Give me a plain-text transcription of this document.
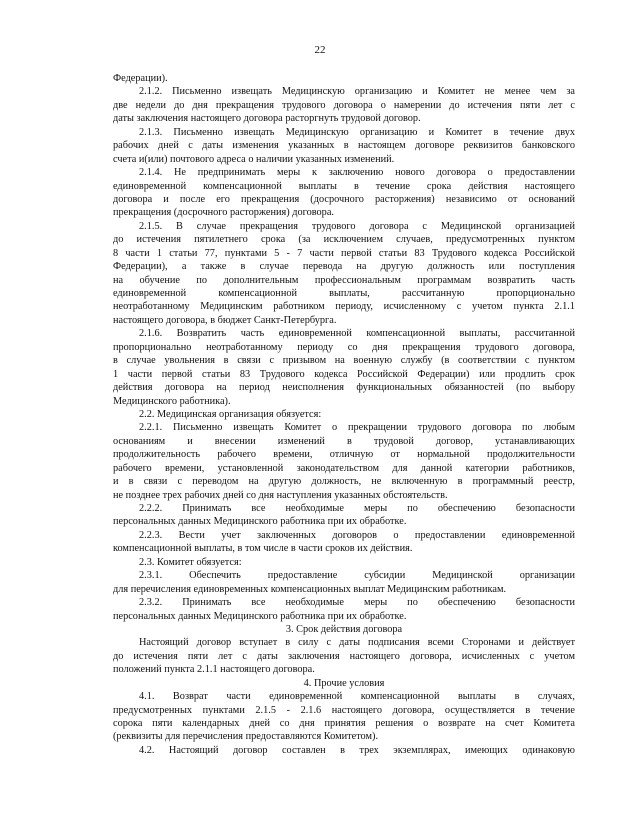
22
Федерации).
2.1.2. Письменно извещать Медицинскую организацию и Комитет не менее чем за
две недели до дня прекращения трудового договора о намерении до истечения пяти лет с
даты заключения настоящего договора расторгнуть трудовой договор.
2.1.3. Письменно извещать Медицинскую организацию и Комитет в течение двух
рабочих дней с даты изменения указанных в настоящем договоре реквизитов банковского
счета и(или) почтового адреса о наличии указанных изменений.
2.1.4. Не предпринимать меры к заключению нового договора о предоставлении
единовременной компенсационной выплаты в течение срока действия настоящего
договора и после его прекращения (досрочного расторжения) независимо от оснований
прекращения (досрочного расторжения) договора.
2.1.5. В случае прекращения трудового договора с Медицинской организацией
до истечения пятилетнего срока (за исключением случаев, предусмотренных пунктом
8 части 1 статьи 77, пунктами 5 - 7 части первой статьи 83 Трудового кодекса Российской
Федерации), а также в случае перевода на другую должность или поступления
на обучение по дополнительным профессиональным программам возвратить часть
единовременной компенсационной выплаты, рассчитанную пропорционально
неотработанному Медицинским работником периоду, исчисленному с учетом пункта 2.1.1
настоящего договора, в бюджет Санкт-Петербурга.
2.1.6. Возвратить часть единовременной компенсационной выплаты, рассчитанной
пропорционально неотработанному периоду со дня прекращения трудового договора,
в случае увольнения в связи с призывом на военную службу (в соответствии с пунктом
1 части первой статьи 83 Трудового кодекса Российской Федерации) или продлить срок
действия договора на период неисполнения функциональных обязанностей (по выбору
Медицинского работника).
2.2. Медицинская организация обязуется:
2.2.1. Письменно извещать Комитет о прекращении трудового договора по любым
основаниям и внесении изменений в трудовой договор, устанавливающих
продолжительность рабочего времени, отличную от нормальной продолжительности
рабочего времени, установленной законодательством для данной категории работников,
и в связи с переводом на другую должность, не включенную в программный реестр,
не позднее трех рабочих дней со дня наступления указанных обстоятельств.
2.2.2. Принимать все необходимые меры по обеспечению безопасности
персональных данных Медицинского работника при их обработке.
2.2.3. Вести учет заключенных договоров о предоставлении единовременной
компенсационной выплаты, в том числе в части сроков их действия.
2.3. Комитет обязуется:
2.3.1. Обеспечить предоставление субсидии Медицинской организации
для перечисления единовременных компенсационных выплат Медицинским работникам.
2.3.2. Принимать все необходимые меры по обеспечению безопасности
персональных данных Медицинского работника при их обработке.
3. Срок действия договора
Настоящий договор вступает в силу с даты подписания всеми Сторонами и действует
до истечения пяти лет с даты заключения настоящего договора, исчисленных с учетом
положений пункта 2.1.1 настоящего договора.
4. Прочие условия
4.1. Возврат части единовременной компенсационной выплаты в случаях,
предусмотренных пунктами 2.1.5 - 2.1.6 настоящего договора, осуществляется в течение
сорока пяти календарных дней со дня принятия решения о возврате на счет Комитета
(реквизиты для перечисления предоставляются Комитетом).
4.2. Настоящий договор составлен в трех экземплярах, имеющих одинаковую
